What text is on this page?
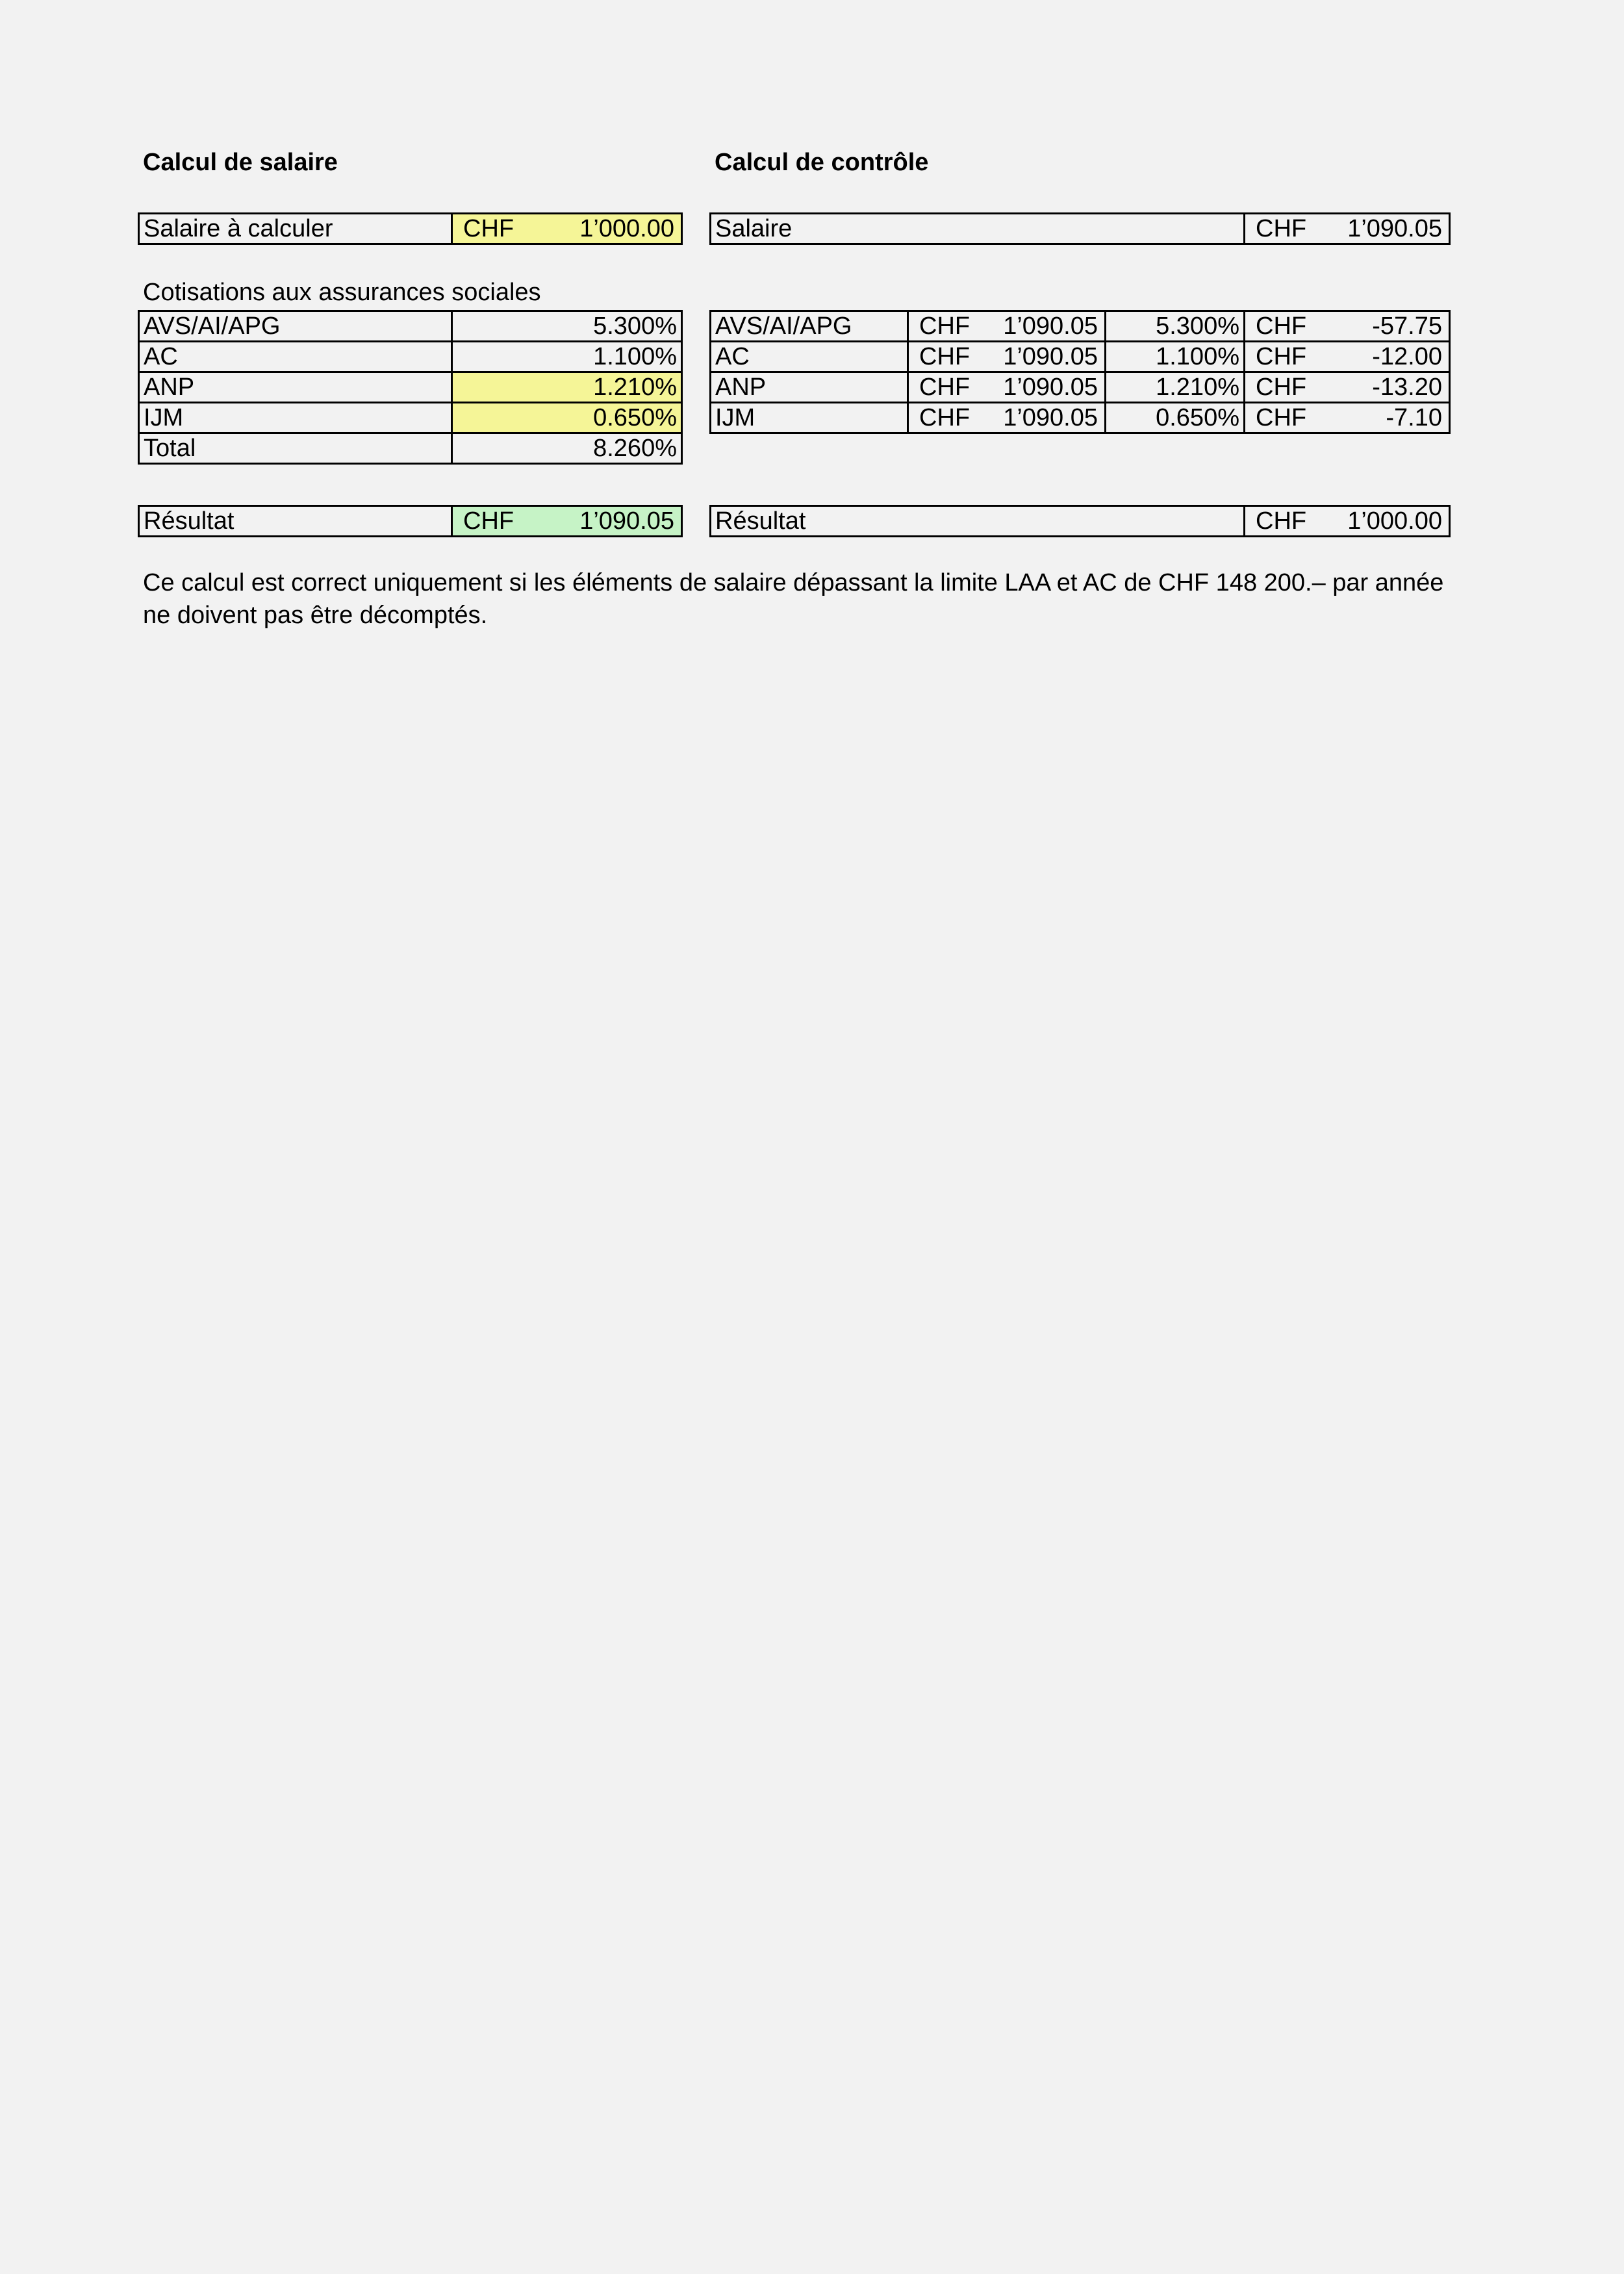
Calcul de salaire	Calcul de contrôle
Salaire à calculer	CHF	1’000.00
Cotisations aux assurances sociales
AVS/AI/APG	5.300%
AC	1.100%
ANP	1.210%
IJM	0.650%
Total	8.260%
Résultat	CHF	1’090.05
Salaire	CHF 1’090.05
AVS/AI/APG	CHF 1’090.05	5.300%	CHF -57.75

AC	CHF 1’090.05	1.100%	CHF -12.00

ANP	CHF 1’090.05	1.210%	CHF -13.20

IJM	CHF 1’090.05	0.650%	CHF -7.10
Résultat	CHF 1’000.00
Ce calcul est correct uniquement si les éléments de salaire dépassant la limite LAA et AC de CHF 148 200.– par année ne doivent pas être décomptés.
